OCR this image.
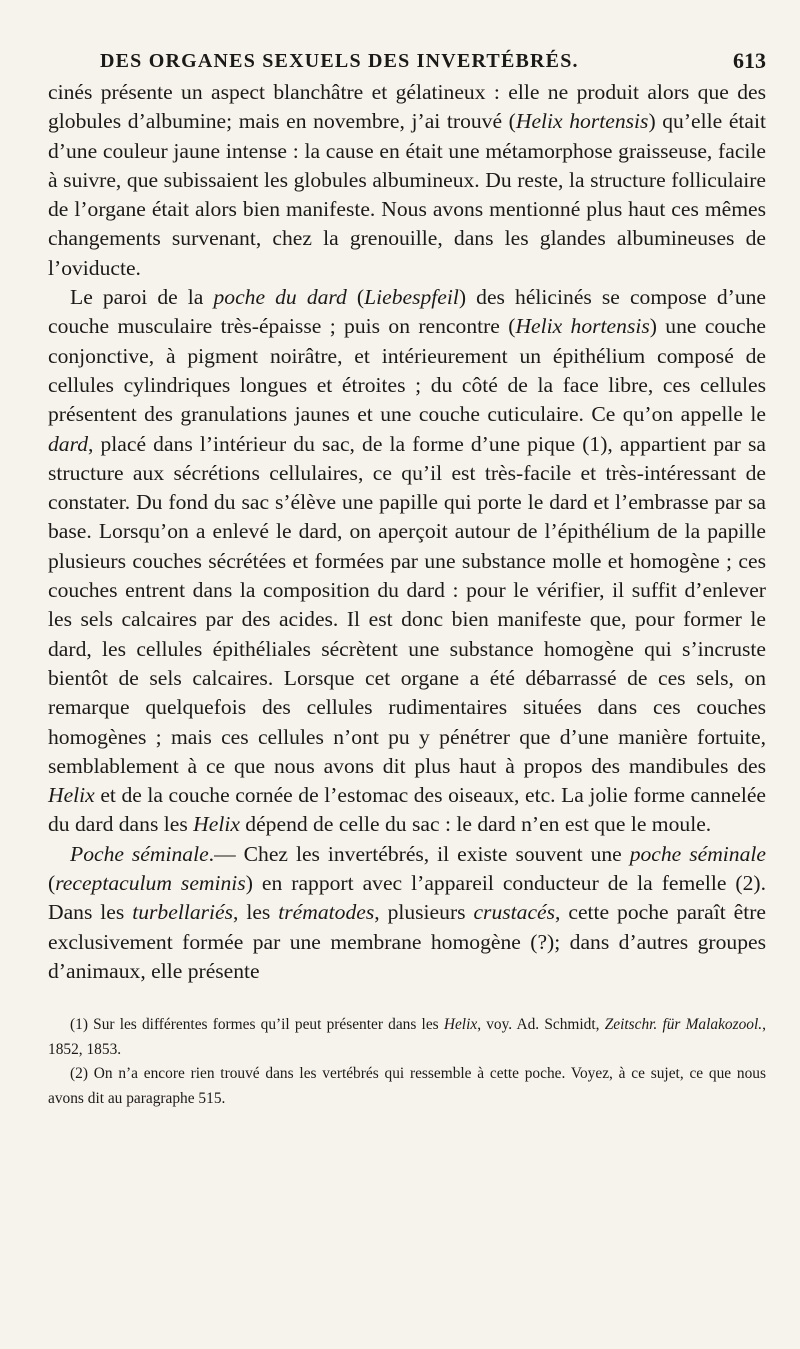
DES ORGANES SEXUELS DES INVERTÉBRÉS.	613

cinés présente un aspect blanchâtre et gélatineux : elle ne produit alors que des globules d’albumine; mais en novembre, j’ai trouvé (Helix hortensis) qu’elle était d’une couleur jaune intense : la cause en était une métamorphose graisseuse, facile à suivre, que subissaient les globules albumineux. Du reste, la structure folliculaire de l’organe était alors bien manifeste. Nous avons mentionné plus haut ces mêmes changements survenant, chez la grenouille, dans les glandes albumineuses de l’oviducte.

Le paroi de la poche du dard (Liebespfeil) des hélicinés se compose d’une couche musculaire très-épaisse ; puis on rencontre (Helix hortensis) une couche conjonctive, à pigment noirâtre, et intérieurement un épithélium composé de cellules cylindriques longues et étroites ; du côté de la face libre, ces cellules présentent des granulations jaunes et une couche cuticulaire. Ce qu’on appelle le dard, placé dans l’intérieur du sac, de la forme d’une pique (1), appartient par sa structure aux sécrétions cellulaires, ce qu’il est très-facile et très-intéressant de constater. Du fond du sac s’élève une papille qui porte le dard et l’embrasse par sa base. Lorsqu’on a enlevé le dard, on aperçoit autour de l’épithélium de la papille plusieurs couches sécrétées et formées par une substance molle et homogène ; ces couches entrent dans la composition du dard : pour le vérifier, il suffit d’enlever les sels calcaires par des acides. Il est donc bien manifeste que, pour former le dard, les cellules épithéliales sécrètent une substance homogène qui s’incruste bientôt de sels calcaires. Lorsque cet organe a été débarrassé de ces sels, on remarque quelquefois des cellules rudimentaires situées dans ces couches homogènes ; mais ces cellules n’ont pu y pénétrer que d’une manière fortuite, semblablement à ce que nous avons dit plus haut à propos des mandibules des Helix et de la couche cornée de l’estomac des oiseaux, etc. La jolie forme cannelée du dard dans les Helix dépend de celle du sac : le dard n’en est que le moule.

Poche séminale.— Chez les invertébrés, il existe souvent une poche séminale (receptaculum seminis) en rapport avec l’appareil conducteur de la femelle (2). Dans les turbellariés, les trématodes, plusieurs crustacés, cette poche paraît être exclusivement formée par une membrane homogène (?); dans d’autres groupes d’animaux, elle présente

(1) Sur les différentes formes qu’il peut présenter dans les Helix, voy. Ad. Schmidt, Zeitschr. für Malakozool., 1852, 1853.

(2) On n’a encore rien trouvé dans les vertébrés qui ressemble à cette poche. Voyez, à ce sujet, ce que nous avons dit au paragraphe 515.
